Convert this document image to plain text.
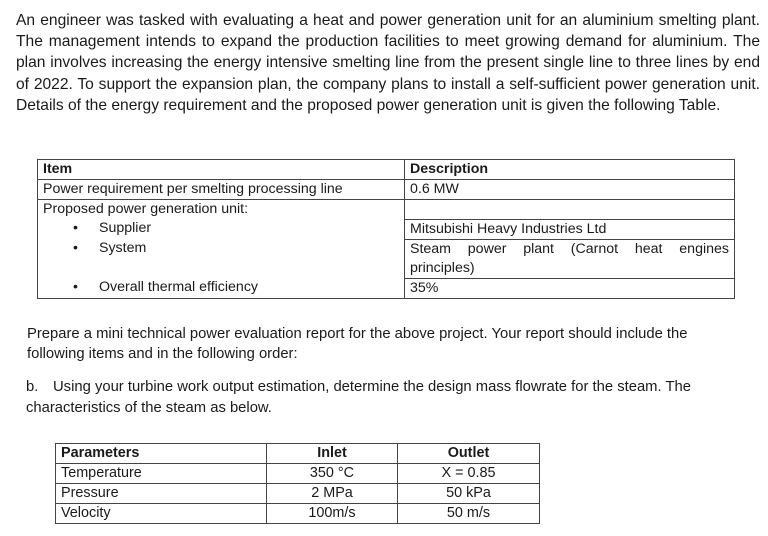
An engineer was tasked with evaluating a heat and power generation unit for an aluminium smelting plant. The management intends to expand the production facilities to meet growing demand for aluminium. The plan involves increasing the energy intensive smelting line from the present single line to three lines by end of 2022. To support the expansion plan, the company plans to install a self-sufficient power generation unit. Details of the energy requirement and the proposed power generation unit is given the following Table.

Item	Description
Power requirement per smelting processing line	0.6 MW
Proposed power generation unit:	
• Supplier	Mitsubishi Heavy Industries Ltd
• System	Steam power plant (Carnot heat engines principles)
• Overall thermal efficiency	35%

Prepare a mini technical power evaluation report for the above project. Your report should include the following items and in the following order:

b. Using your turbine work output estimation, determine the design mass flowrate for the steam. The characteristics of the steam as below.
Parameters	Inlet	Outlet
Temperature	350 °C	X = 0.85
Pressure	2 MPa	50 kPa
Velocity	100m/s	50 m/s
